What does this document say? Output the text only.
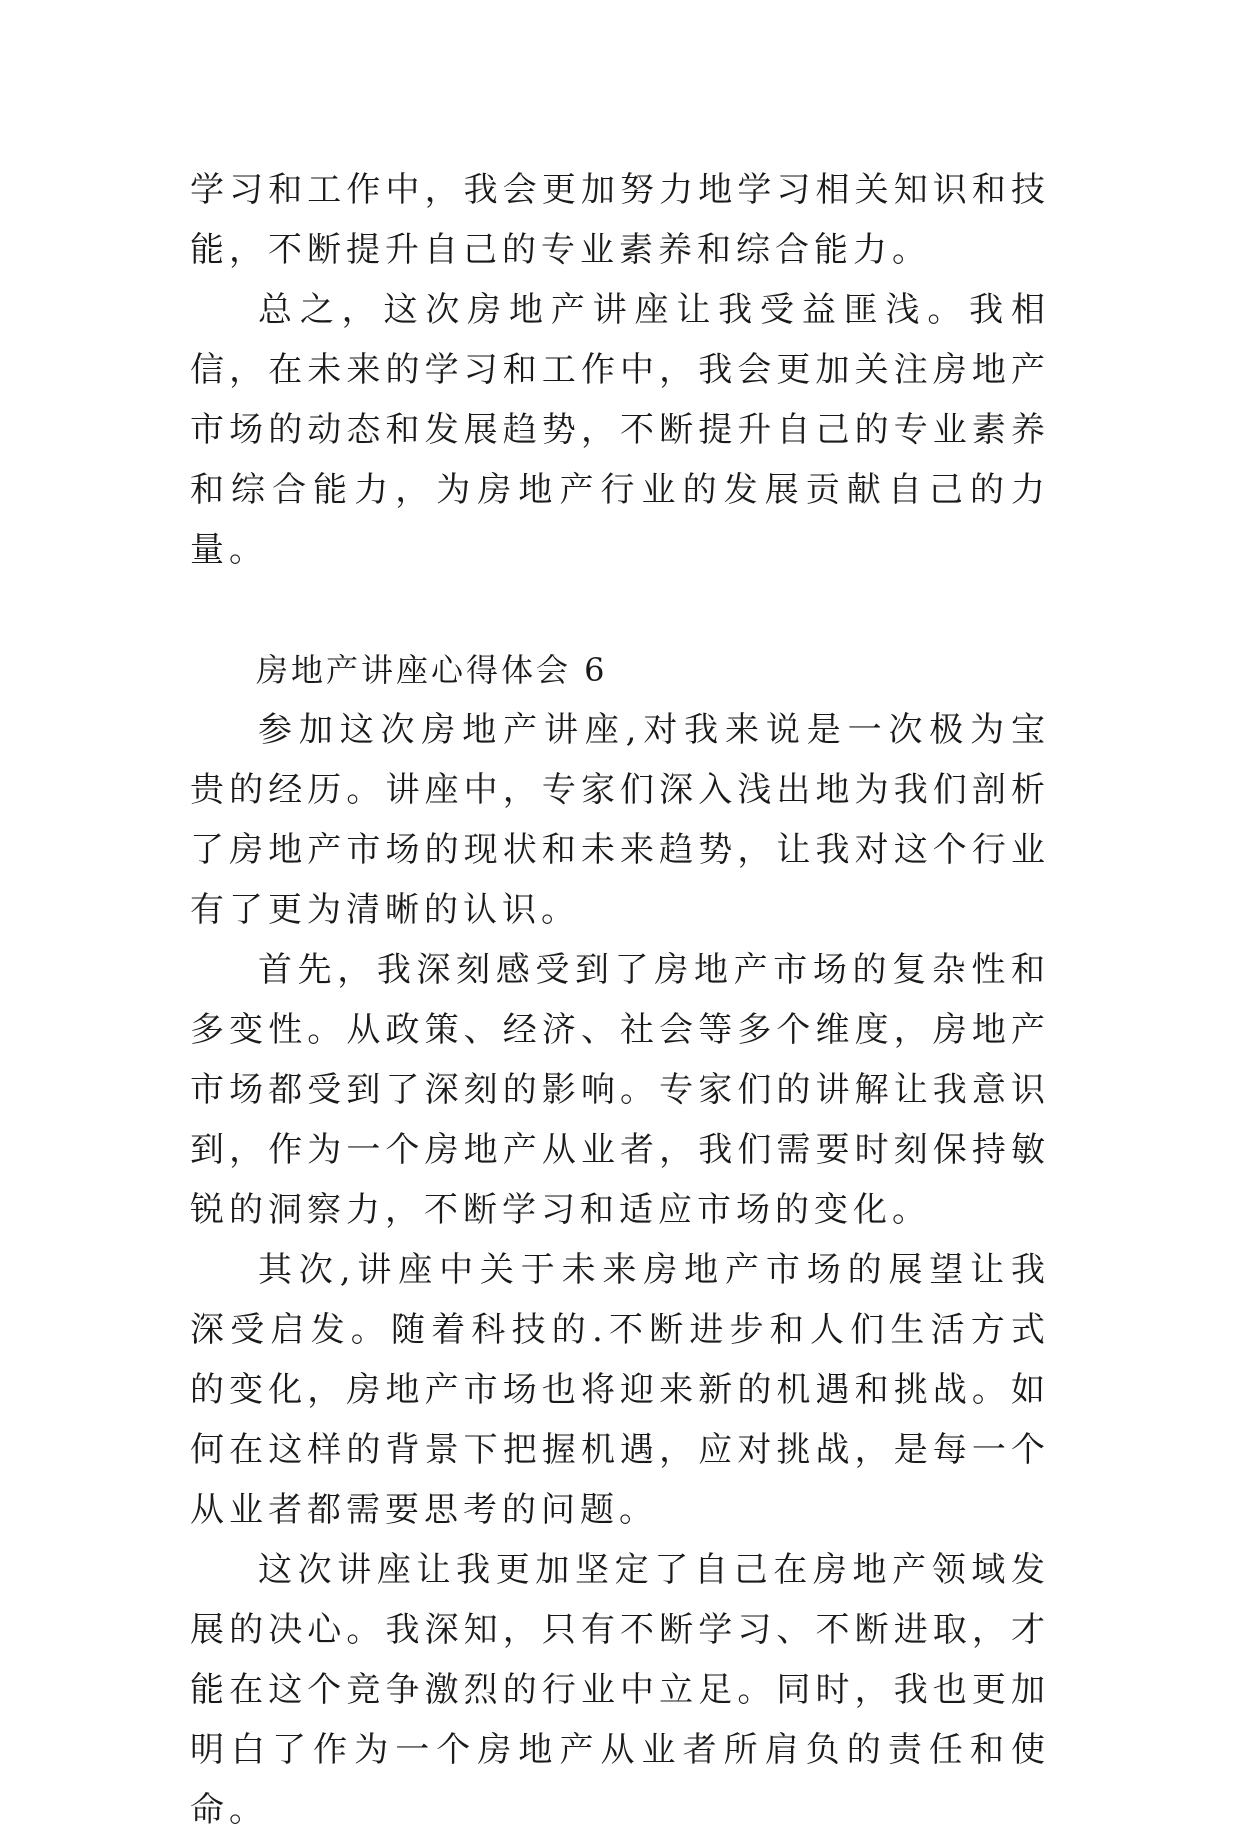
学习和工作中，我会更加努力地学习相关知识和技能，不断提升自己的专业素养和综合能力。

总之，这次房地产讲座让我受益匪浅。我相信，在未来的学习和工作中，我会更加关注房地产市场的动态和发展趋势，不断提升自己的专业素养和综合能力，为房地产行业的发展贡献自己的力量。

房地产讲座心得体会 6

参加这次房地产讲座,对我来说是一次极为宝贵的经历。讲座中，专家们深入浅出地为我们剖析了房地产市场的现状和未来趋势，让我对这个行业有了更为清晰的认识。

首先，我深刻感受到了房地产市场的复杂性和多变性。从政策、经济、社会等多个维度，房地产市场都受到了深刻的影响。专家们的讲解让我意识到，作为一个房地产从业者，我们需要时刻保持敏锐的洞察力，不断学习和适应市场的变化。

其次,讲座中关于未来房地产市场的展望让我深受启发。随着科技的.不断进步和人们生活方式的变化，房地产市场也将迎来新的机遇和挑战。如何在这样的背景下把握机遇，应对挑战，是每一个从业者都需要思考的问题。

这次讲座让我更加坚定了自己在房地产领域发展的决心。我深知，只有不断学习、不断进取，才能在这个竞争激烈的行业中立足。同时，我也更加明白了作为一个房地产从业者所肩负的责任和使命。
